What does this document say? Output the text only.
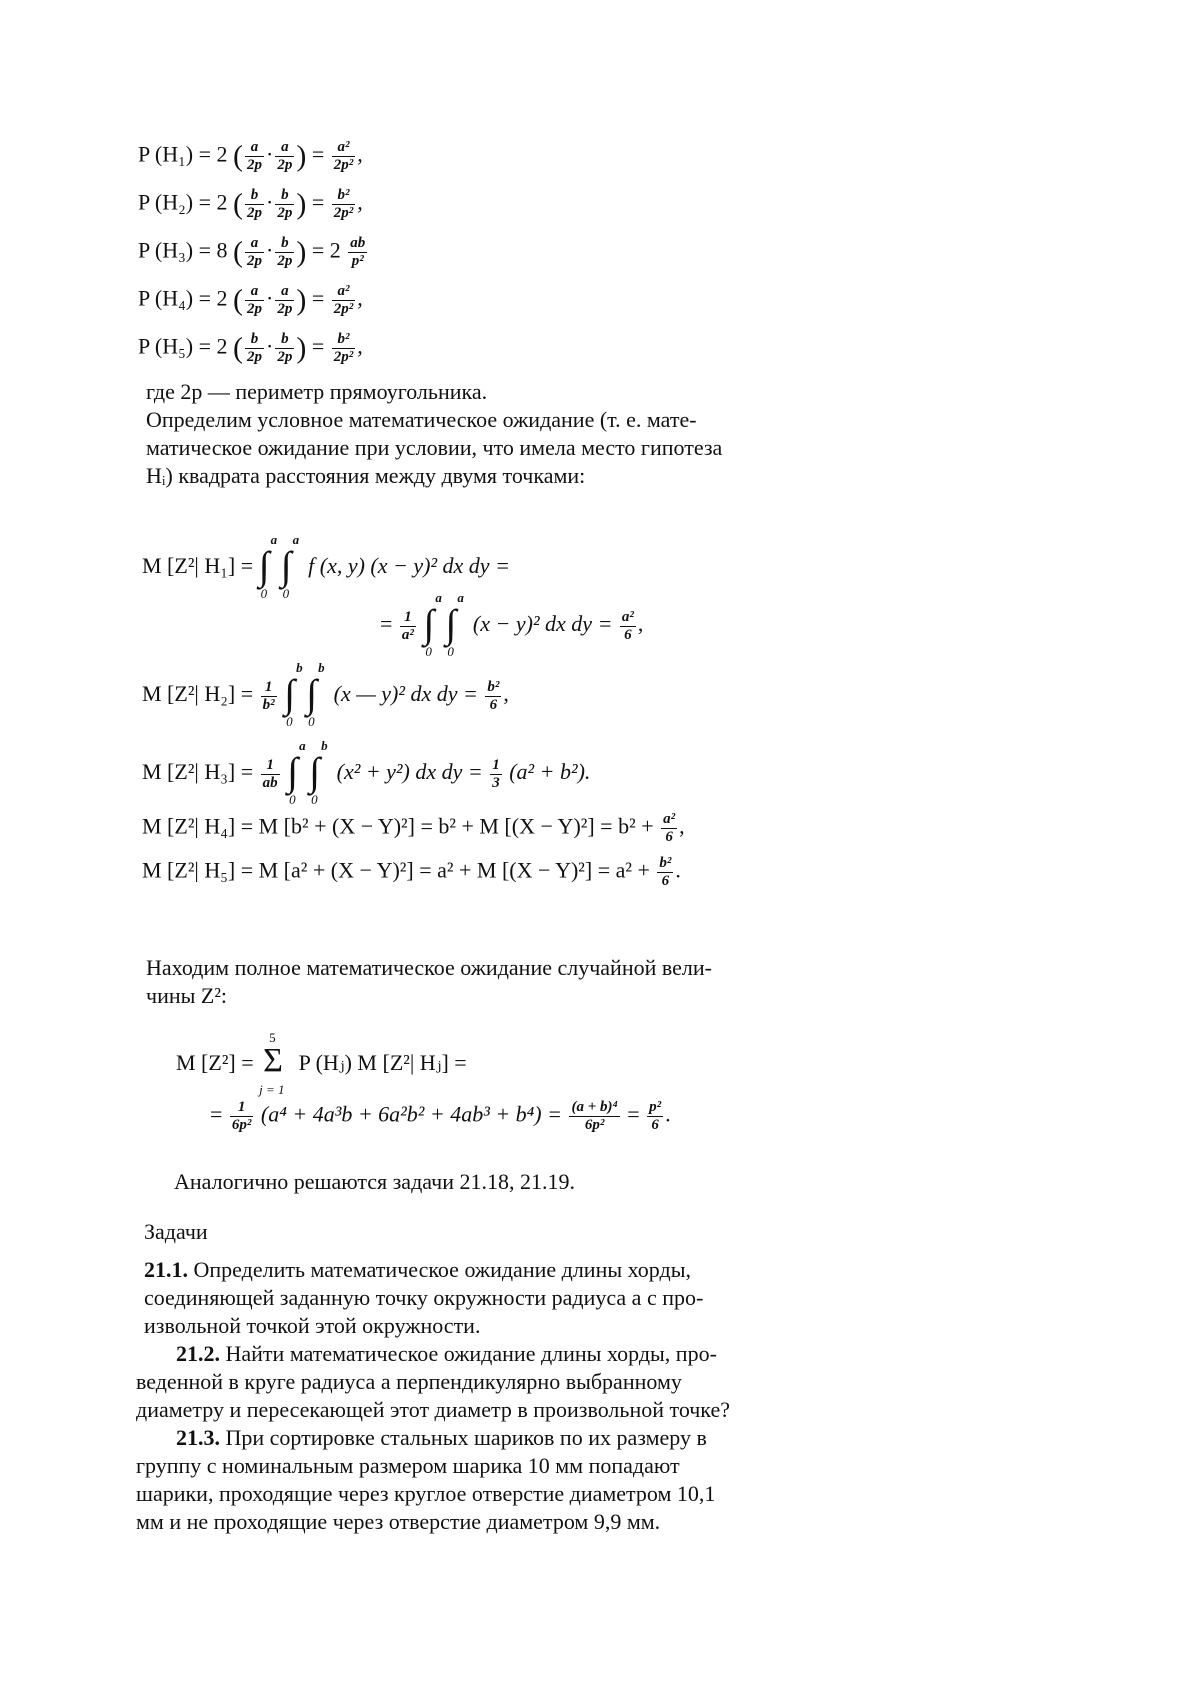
P (H₁) = 2 ( $\frac{a}{2p} \cdot \frac{a}{2p}$ ) = $\frac{\text{a²}}{\text{2p²}}$ ,
P (H₂) = 2 ( $\frac{b}{2p} \cdot \frac{b}{2p}$ ) = $\frac{\text{b²}}{\text{2p²}}$ ,
P (H₃) = 8 ( $\frac{a}{2p} \cdot \frac{b}{2p}$ ) = $2 \frac{ab}{\text{p²}}$
P (H₄) = 2 ( $\frac{a}{2p} \cdot \frac{a}{2p}$ ) = $\frac{\text{a²}}{\text{2p²}}$ ,
P (H₅) = 2 ( $\frac{b}{2p} \cdot \frac{b}{2p}$ ) = $\frac{\text{b²}}{\text{2p²}}$ ,
где 2p — периметр прямоугольника.
Определим условное математическое ожидание (т. е. мате-
матическое ожидание при условии, что имела место гипотеза
Hᵢ) квадрата расстояния между двумя точками:
M [Z²| H₁] =
a
∫
0
a
∫
0
f (x, y) (x − y)² dx dy =
= $\frac{1}{\text{a²}}$

a
∫
0
a
∫
0
(x − y)² dx dy = $\frac{\text{a²}}{6}$ ,
M [Z²| $H_2] = \frac{1}{\text{b²}}$

b
∫
0
b
∫
0
(x — y)² dx dy = $\frac{\text{b²}}{6}$ ,
M [Z²| $H_3] = \frac{1}{ab}$

a
∫
0
b
∫
0
(x² + y²) dx dy = $\frac{1}{3} (a^2 + b^2)$.
M [Z²| H₄] = M [b² + (X − Y)²] = b² + M $[(X - Y)^2] = b^2 + \frac{\text{a²}}{6}$ ,
M [Z²| H₅] = M [a² + (X − Y)²] = a² + M $[(X - Y)^2] = a^2 + \frac{\text{b²}}{6}$ .
Находим полное математическое ожидание случайной вели-
чины Z²:
M [Z²] =
5
Σ
j = 1
P (Hⱼ) M [Z²| Hⱼ] =
= $\frac{1}{\text{6p²}} (a^4 + 4a^3b + 6a^2b^2 + 4ab^3 + b^4) = \frac{\text{(a + b)⁴}}{\text{6p²}} = \frac{\text{p²}}{6}$ .
Аналогично решаются задачи 21.18, 21.19.
Задачи
21.1. Определить математическое ожидание длины хорды,
соединяющей заданную точку окружности радиуса a с про-
извольной точкой этой окружности.
21.2. Найти математическое ожидание длины хорды, про-
веденной в круге радиуса a перпендикулярно выбранному
диаметру и пересекающей этот диаметр в произвольной точке?
21.3. При сортировке стальных шариков по их размеру в
группу с номинальным размером шарика 10 мм попадают
шарики, проходящие через круглое отверстие диаметром 10,1
мм и не проходящие через отверстие диаметром 9,9 мм.
